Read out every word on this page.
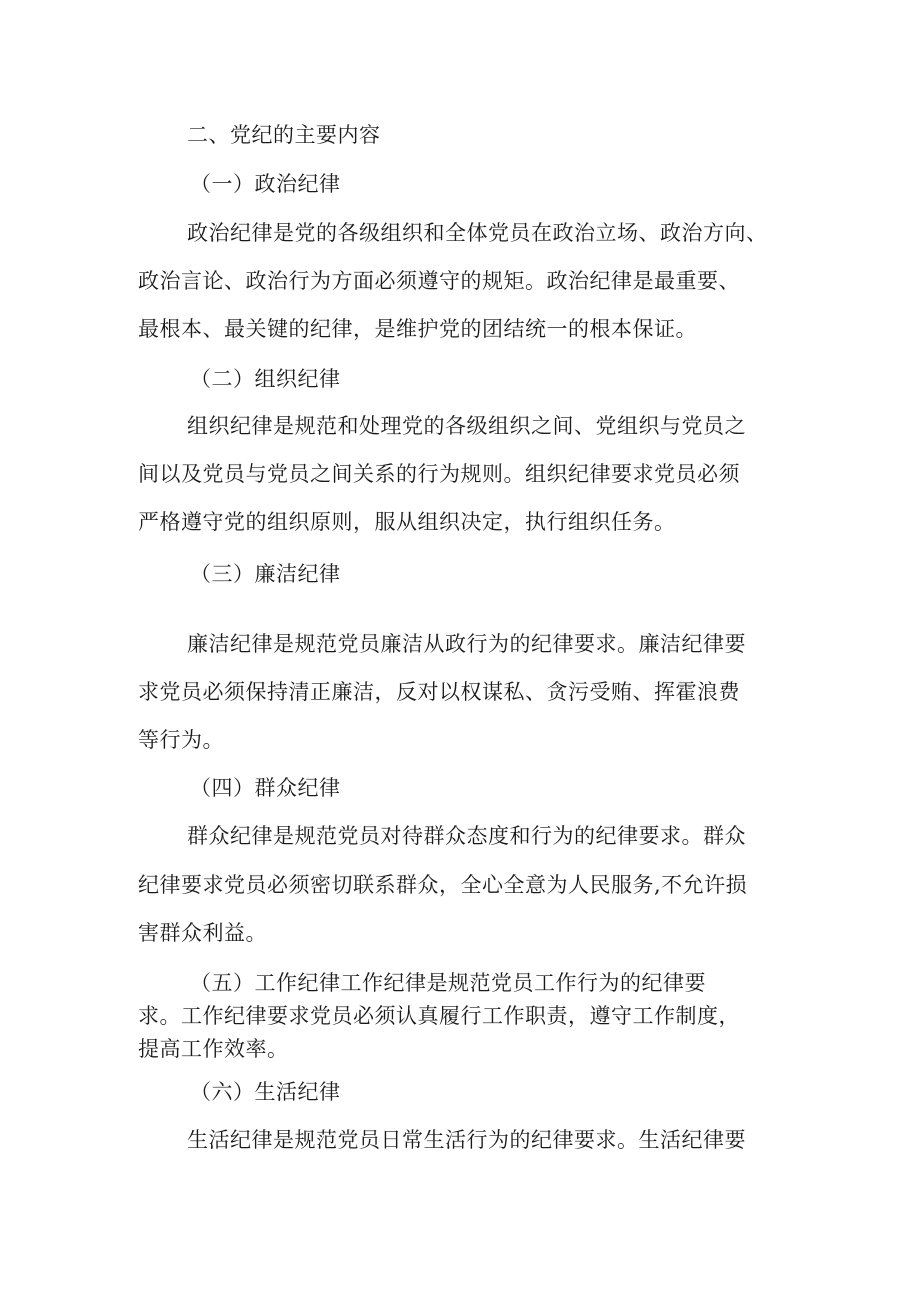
二、党纪的主要内容
（一）政治纪律
政治纪律是党的各级组织和全体党员在政治立场、政治方向、
政治言论、政治行为方面必须遵守的规矩。政治纪律是最重要、
最根本、最关键的纪律，是维护党的团结统一的根本保证。
（二）组织纪律
组织纪律是规范和处理党的各级组织之间、党组织与党员之
间以及党员与党员之间关系的行为规则。组织纪律要求党员必须
严格遵守党的组织原则，服从组织决定，执行组织任务。
（三）廉洁纪律
廉洁纪律是规范党员廉洁从政行为的纪律要求。廉洁纪律要
求党员必须保持清正廉洁，反对以权谋私、贪污受贿、挥霍浪费
等行为。
（四）群众纪律
群众纪律是规范党员对待群众态度和行为的纪律要求。群众
纪律要求党员必须密切联系群众，全心全意为人民服务,不允许损
害群众利益。
（五）工作纪律工作纪律是规范党员工作行为的纪律要
求。工作纪律要求党员必须认真履行工作职责，遵守工作制度，
提高工作效率。
（六）生活纪律
生活纪律是规范党员日常生活行为的纪律要求。生活纪律要
